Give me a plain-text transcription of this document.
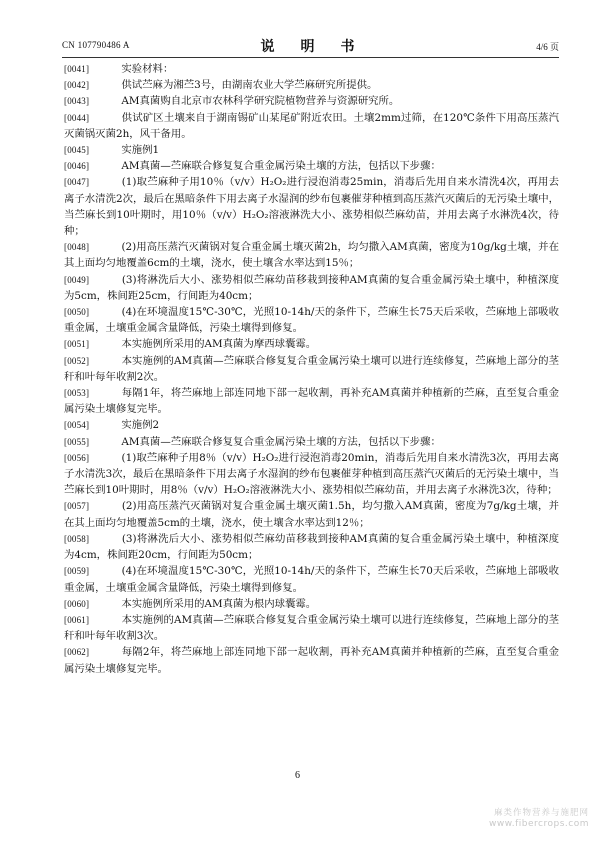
CN 107790486 A	说　明　书	4/6 页

[0041]　实验材料：

[0042]　供试苎麻为湘苎3号，由湖南农业大学苎麻研究所提供。

[0043]　AM真菌购自北京市农林科学研究院植物营养与资源研究所。

[0044]　供试矿区土壤来自于湖南锡矿山某尾矿附近农田。土壤2mm过筛，在120℃条件下用高压蒸汽灭菌锅灭菌2h，风干备用。

[0045]　实施例1

[0046]　AM真菌—苎麻联合修复复合重金属污染土壤的方法，包括以下步骤：

[0047]　(1)取苎麻种子用10％（v/v）H₂O₂进行浸泡消毒25min，消毒后先用自来水清洗4次，再用去离子水清洗2次，最后在黑暗条件下用去离子水湿润的纱布包裹催芽种植到高压蒸汽灭菌后的无污染土壤中，当苎麻长到10叶期时，用10％（v/v）H₂O₂溶液淋洗大小、涨势相似苎麻幼苗，并用去离子水淋洗4次，待种；

[0048]　(2)用高压蒸汽灭菌锅对复合重金属土壤灭菌2h，均匀撒入AM真菌，密度为10g/kg土壤，并在其上面均匀地覆盖6cm的土壤，浇水，使土壤含水率达到15％；

[0049]　(3)将淋洗后大小、涨势相似苎麻幼苗移栽到接种AM真菌的复合重金属污染土壤中，种植深度为5cm，株间距25cm，行间距为40cm；

[0050]　(4)在环境温度15℃-30℃，光照10-14h/天的条件下，苎麻生长75天后采收，苎麻地上部吸收重金属，土壤重金属含量降低，污染土壤得到修复。

[0051]　本实施例所采用的AM真菌为摩西球囊霉。

[0052]　本实施例的AM真菌—苎麻联合修复复合重金属污染土壤可以进行连续修复，苎麻地上部分的茎秆和叶每年收割2次。

[0053]　每隔1年，将苎麻地上部连同地下部一起收割，再补充AM真菌并种植新的苎麻，直至复合重金属污染土壤修复完毕。

[0054]　实施例2

[0055]　AM真菌—苎麻联合修复复合重金属污染土壤的方法，包括以下步骤：

[0056]　(1)取苎麻种子用8％（v/v）H₂O₂进行浸泡消毒20min，消毒后先用自来水清洗3次，再用去离子水清洗3次，最后在黑暗条件下用去离子水湿润的纱布包裹催芽种植到高压蒸汽灭菌后的无污染土壤中，当苎麻长到10叶期时，用8％（v/v）H₂O₂溶液淋洗大小、涨势相似苎麻幼苗，并用去离子水淋洗3次，待种；

[0057]　(2)用高压蒸汽灭菌锅对复合重金属土壤灭菌1.5h，均匀撒入AM真菌，密度为7g/kg土壤，并在其上面均匀地覆盖5cm的土壤，浇水，使土壤含水率达到12％；

[0058]　(3)将淋洗后大小、涨势相似苎麻幼苗移栽到接种AM真菌的复合重金属污染土壤中，种植深度为4cm，株间距20cm，行间距为50cm；

[0059]　(4)在环境温度15℃-30℃，光照10-14h/天的条件下，苎麻生长70天后采收，苎麻地上部吸收重金属，土壤重金属含量降低，污染土壤得到修复。

[0060]　本实施例所采用的AM真菌为根内球囊霉。

[0061]　本实施例的AM真菌—苎麻联合修复复合重金属污染土壤可以进行连续修复，苎麻地上部分的茎秆和叶每年收割3次。

[0062]　每隔2年，将苎麻地上部连同地下部一起收割，再补充AM真菌并种植新的苎麻，直至复合重金属污染土壤修复完毕。

6
麻类作物营养与施肥网
www.fibercrops.com
